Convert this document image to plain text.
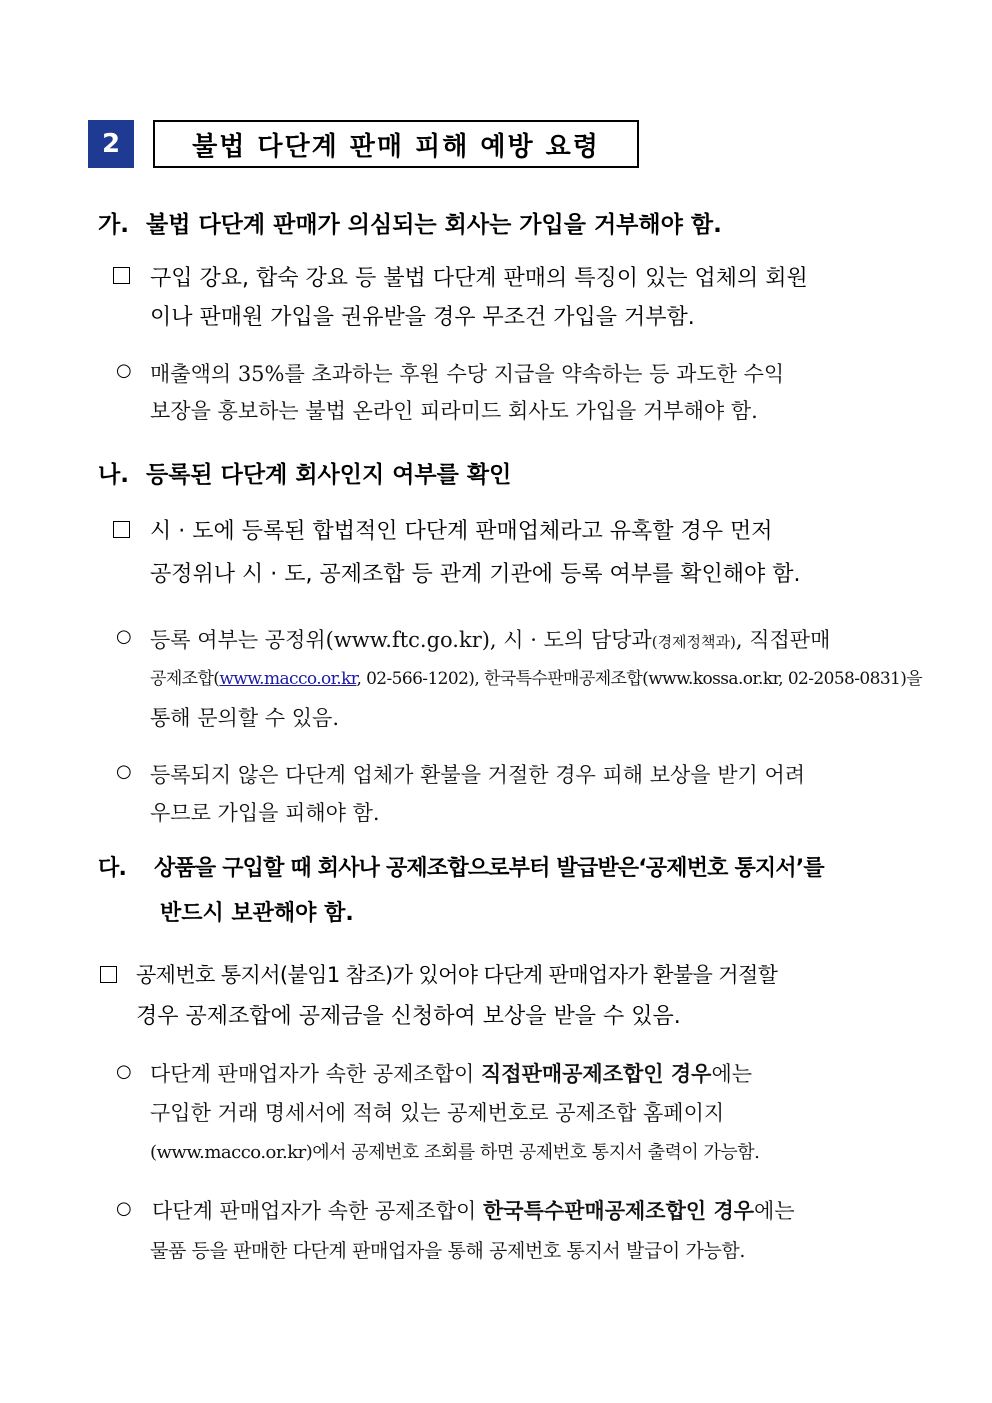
2	불법 다단계 판매 피해 예방 요령
가. 불법 다단계 판매가 의심되는 회사는 가입을 거부해야 함.
구입 강요, 합숙 강요 등 불법 다단계 판매의 특징이 있는 업체의 회원
이나 판매원 가입을 권유받을 경우 무조건 가입을 거부함.
○ 매출액의 35%를 초과하는 후원 수당 지급을 약속하는 등 과도한 수익
보장을 홍보하는 불법 온라인 피라미드 회사도 가입을 거부해야 함.
나. 등록된 다단계 회사인지 여부를 확인
시 · 도에 등록된 합법적인 다단계 판매업체라고 유혹할 경우 먼저
공정위나 시 · 도, 공제조합 등 관계 기관에 등록 여부를 확인해야 함.
○ 등록 여부는 공정위(www.ftc.go.kr), 시 · 도의 담당과(경제정책과), 직접판매
공제조합(www.macco.or.kr, 02-566-1202), 한국특수판매공제조합(www.kossa.or.kr, 02-2058-0831)을
통해 문의할 수 있음.
○ 등록되지 않은 다단계 업체가 환불을 거절한 경우 피해 보상을 받기 어려
우므로 가입을 피해야 함.
다. 상품을 구입할 때 회사나 공제조합으로부터 발급받은‘공제번호 통지서’를
반드시 보관해야 함.
공제번호 통지서(붙임1 참조)가 있어야 다단계 판매업자가 환불을 거절할
경우 공제조합에 공제금을 신청하여 보상을 받을 수 있음.
○ 다단계 판매업자가 속한 공제조합이 직접판매공제조합인 경우에는
구입한 거래 명세서에 적혀 있는 공제번호로 공제조합 홈페이지
(www.macco.or.kr)에서 공제번호 조회를 하면 공제번호 통지서 출력이 가능함.
○ 다단계 판매업자가 속한 공제조합이 한국특수판매공제조합인 경우에는
물품 등을 판매한 다단계 판매업자을 통해 공제번호 통지서 발급이 가능함.
